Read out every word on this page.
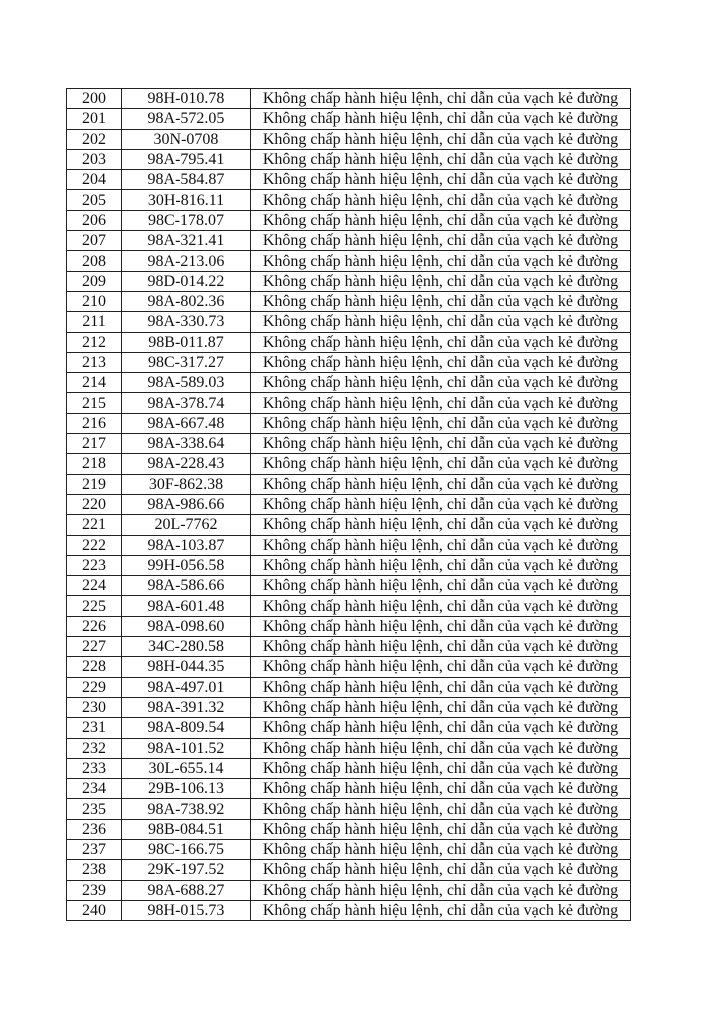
200	98H-010.78	Không chấp hành hiệu lệnh, chỉ dẫn của vạch kẻ đường
201	98A-572.05	Không chấp hành hiệu lệnh, chỉ dẫn của vạch kẻ đường
202	30N-0708	Không chấp hành hiệu lệnh, chỉ dẫn của vạch kẻ đường
203	98A-795.41	Không chấp hành hiệu lệnh, chỉ dẫn của vạch kẻ đường
204	98A-584.87	Không chấp hành hiệu lệnh, chỉ dẫn của vạch kẻ đường
205	30H-816.11	Không chấp hành hiệu lệnh, chỉ dẫn của vạch kẻ đường
206	98C-178.07	Không chấp hành hiệu lệnh, chỉ dẫn của vạch kẻ đường
207	98A-321.41	Không chấp hành hiệu lệnh, chỉ dẫn của vạch kẻ đường
208	98A-213.06	Không chấp hành hiệu lệnh, chỉ dẫn của vạch kẻ đường
209	98D-014.22	Không chấp hành hiệu lệnh, chỉ dẫn của vạch kẻ đường
210	98A-802.36	Không chấp hành hiệu lệnh, chỉ dẫn của vạch kẻ đường
211	98A-330.73	Không chấp hành hiệu lệnh, chỉ dẫn của vạch kẻ đường
212	98B-011.87	Không chấp hành hiệu lệnh, chỉ dẫn của vạch kẻ đường
213	98C-317.27	Không chấp hành hiệu lệnh, chỉ dẫn của vạch kẻ đường
214	98A-589.03	Không chấp hành hiệu lệnh, chỉ dẫn của vạch kẻ đường
215	98A-378.74	Không chấp hành hiệu lệnh, chỉ dẫn của vạch kẻ đường
216	98A-667.48	Không chấp hành hiệu lệnh, chỉ dẫn của vạch kẻ đường
217	98A-338.64	Không chấp hành hiệu lệnh, chỉ dẫn của vạch kẻ đường
218	98A-228.43	Không chấp hành hiệu lệnh, chỉ dẫn của vạch kẻ đường
219	30F-862.38	Không chấp hành hiệu lệnh, chỉ dẫn của vạch kẻ đường
220	98A-986.66	Không chấp hành hiệu lệnh, chỉ dẫn của vạch kẻ đường
221	20L-7762	Không chấp hành hiệu lệnh, chỉ dẫn của vạch kẻ đường
222	98A-103.87	Không chấp hành hiệu lệnh, chỉ dẫn của vạch kẻ đường
223	99H-056.58	Không chấp hành hiệu lệnh, chỉ dẫn của vạch kẻ đường
224	98A-586.66	Không chấp hành hiệu lệnh, chỉ dẫn của vạch kẻ đường
225	98A-601.48	Không chấp hành hiệu lệnh, chỉ dẫn của vạch kẻ đường
226	98A-098.60	Không chấp hành hiệu lệnh, chỉ dẫn của vạch kẻ đường
227	34C-280.58	Không chấp hành hiệu lệnh, chỉ dẫn của vạch kẻ đường
228	98H-044.35	Không chấp hành hiệu lệnh, chỉ dẫn của vạch kẻ đường
229	98A-497.01	Không chấp hành hiệu lệnh, chỉ dẫn của vạch kẻ đường
230	98A-391.32	Không chấp hành hiệu lệnh, chỉ dẫn của vạch kẻ đường
231	98A-809.54	Không chấp hành hiệu lệnh, chỉ dẫn của vạch kẻ đường
232	98A-101.52	Không chấp hành hiệu lệnh, chỉ dẫn của vạch kẻ đường
233	30L-655.14	Không chấp hành hiệu lệnh, chỉ dẫn của vạch kẻ đường
234	29B-106.13	Không chấp hành hiệu lệnh, chỉ dẫn của vạch kẻ đường
235	98A-738.92	Không chấp hành hiệu lệnh, chỉ dẫn của vạch kẻ đường
236	98B-084.51	Không chấp hành hiệu lệnh, chỉ dẫn của vạch kẻ đường
237	98C-166.75	Không chấp hành hiệu lệnh, chỉ dẫn của vạch kẻ đường
238	29K-197.52	Không chấp hành hiệu lệnh, chỉ dẫn của vạch kẻ đường
239	98A-688.27	Không chấp hành hiệu lệnh, chỉ dẫn của vạch kẻ đường
240	98H-015.73	Không chấp hành hiệu lệnh, chỉ dẫn của vạch kẻ đường
